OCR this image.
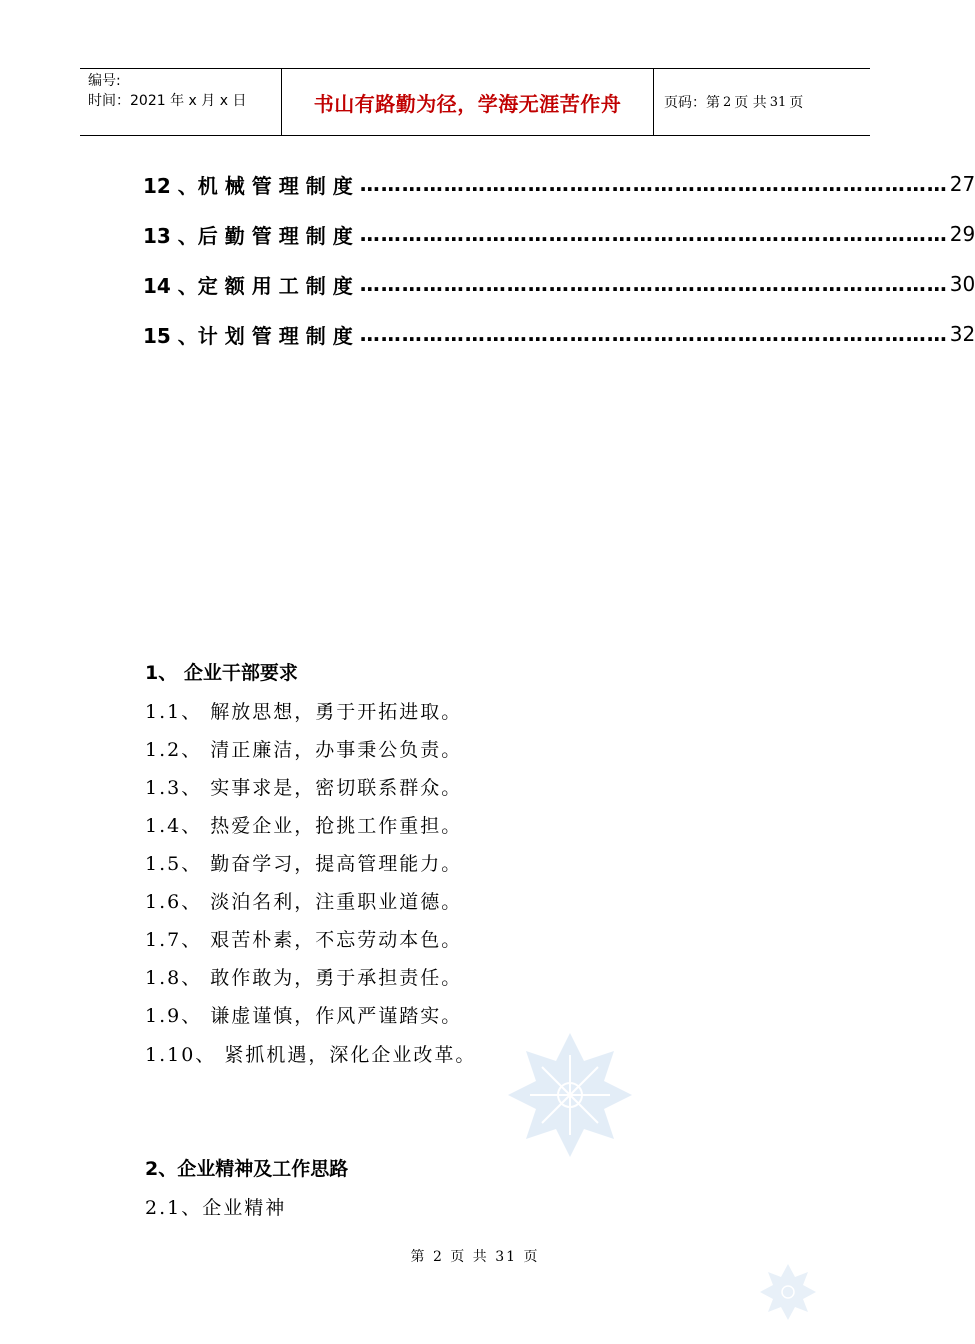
编号:
时间：2021 年 x 月 x 日	书山有路勤为径，学海无涯苦作舟	页码：第 2 页 共 31 页
12 、 机械管理制度 ………………………………………………………………………… 27
13 、 后勤管理制度 ………………………………………………………………………… 29
14 、 定额用工制度 ………………………………………………………………………… 30
15 、 计划管理制度 ………………………………………………………………………… 32
1、 企业干部要求
1.1、 解放思想，勇于开拓进取。
1.2、 清正廉洁，办事秉公负责。
1.3、 实事求是，密切联系群众。
1.4、 热爱企业，抢挑工作重担。
1.5、 勤奋学习，提高管理能力。
1.6、 淡泊名利，注重职业道德。
1.7、 艰苦朴素，不忘劳动本色。
1.8、 敢作敢为，勇于承担责任。
1.9、 谦虚谨慎，作风严谨踏实。
1.10、 紧抓机遇，深化企业改革。
2、企业精神及工作思路
2.1、企业精神
第 2 页 共 31 页
